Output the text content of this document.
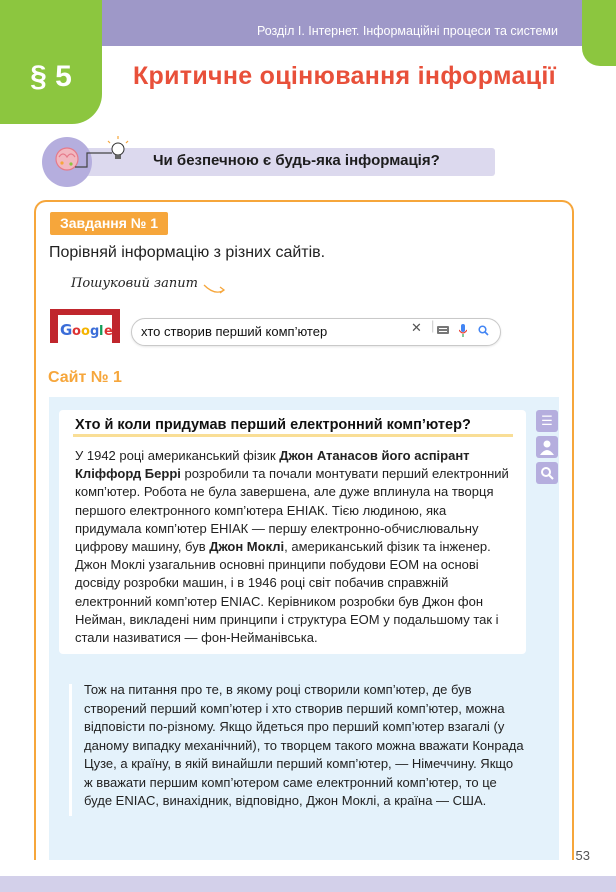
Розділ І. Інтернет. Інформаційні процеси та системи
§ 5	Критичне оцінювання інформації
Чи безпечною є будь-яка інформація?
Завдання № 1
Порівняй інформацію з різних сайтів.
Пошуковий запит
G o o g l e хто створив перший комп’ютер	✕ |
Сайт № 1
Хто й коли придумав перший електронний комп’ютер?
У 1942 році американський фізик Джон Атанасов його аспірант Кліффорд Беррі розробили та почали монтувати перший електронний комп’ютер. Робота не була завершена, але дуже вплинула на творця першого електронного комп’ютера ЕНІАК. Тією людиною, яка придумала комп’ютер ЕНІАК — першу електронно-обчислювальну цифрову машину, був Джон Моклі, американський фізик та інженер. Джон Моклі узагальнив основні принципи побудови ЕОМ на основі досвіду розробки машин, і в 1946 році світ побачив справжній електронний комп’ютер ENIAC. Керівником розробки був Джон фон Нейман, викладені ним принципи і структура ЕОМ у подальшому так і стали називатися — фон-Нейманівська.
☰
Тож на питання про те, в якому році створили комп’ютер, де був створений перший комп’ютер і хто створив перший комп’ютер, можна відповісти по-різному. Якщо йдеться про перший комп’ютер взагалі (у даному випадку механічний), то творцем такого можна вважати Конрада Цузе, а країну, в якій винайшли перший комп’ютер, — Німеччину. Якщо ж вважати першим комп’ютером саме електронний комп’ютер, то це буде ENIAC, винахідник, відповідно, Джон Моклі, а країна — США.
53
